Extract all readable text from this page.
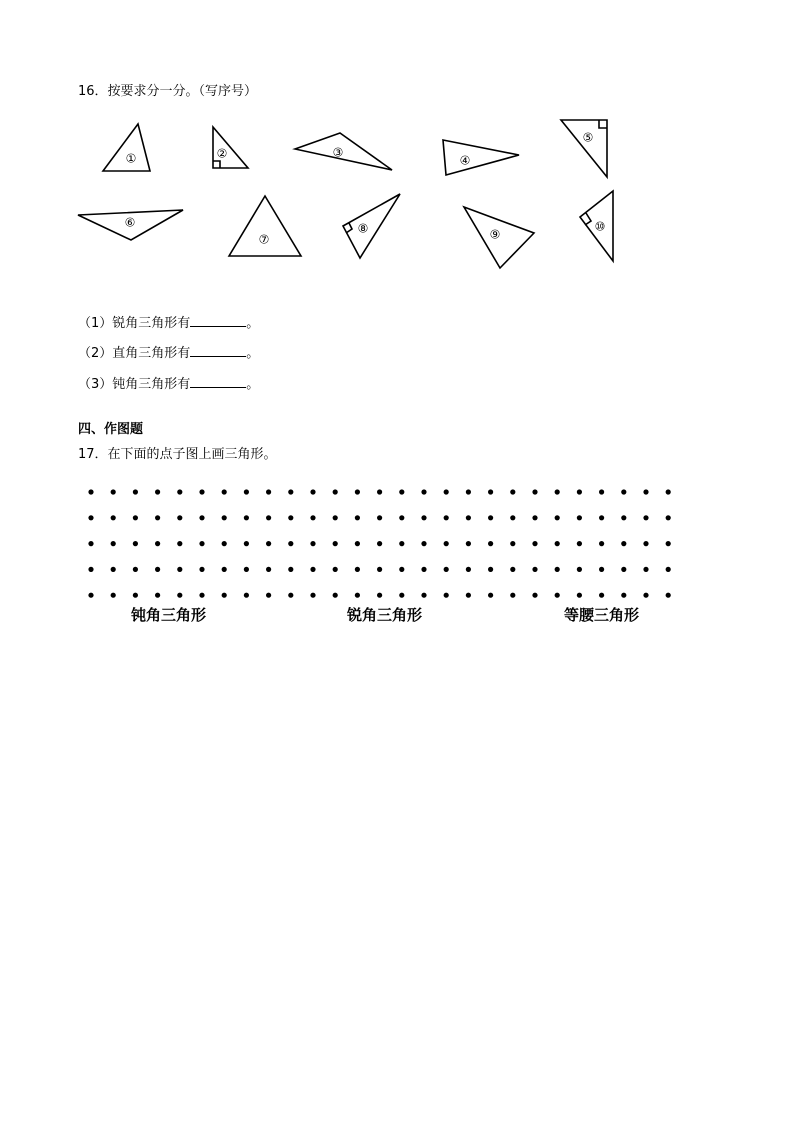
16．按要求分一分。（写序号）
①	②	③
④
⑤
⑥
⑦
⑧	⑨
⑩
（1）锐角三角形有	。
（2）直角三角形有	。
（3）钝角三角形有	。
四、作图题
17．在下面的点子图上画三角形。
钝角三角形	锐角三角形	等腰三角形
